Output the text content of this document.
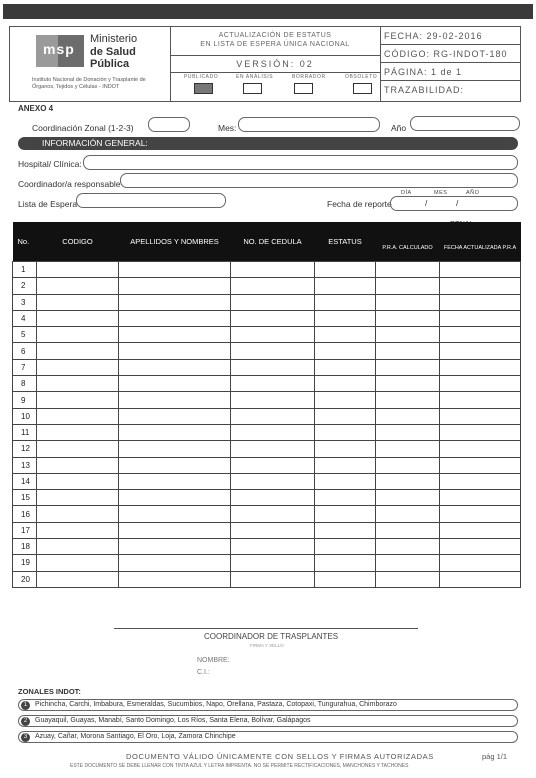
msp
Ministerio
de Salud Pública
Instituto Nacional de Donación y Trasplante de Órganos, Tejidos y Células - INDOT
ACTUALIZACIÓN DE ESTATUS
EN LISTA DE ESPERA ÚNICA NACIONAL
VERSIÓN: 02
PUBLICADO	EN ANÁLISIS	BORRADOR	OBSOLETO
FECHA: 29-02-2016
CÓDIGO: RG-INDOT-180
PÁGINA: 1 de 1
TRAZABILIDAD:
ANEXO 4
Coordinación Zonal (1-2-3)	Mes:	Año
INFORMACIÓN GENERAL:
Hospital/ Clínica:
Coordinador/a responsable
Lista de Espera	Fecha de reporte
DÍA	MES	AÑO
/	/
No.	CODIGO	APELLIDOS Y NOMBRES	NO. DE CEDULA	ESTATUS	P.R.A. CALCULADO	FECHA ACTUALIZADA P.R.A
1						
2						
3						
4						
5						
6						
7						
8						
9						
10						
11						
12						
13						
14						
15						
16						
17						
18						
19						
20						
COORDINADOR DE TRASPLANTES
FIRMA Y SELLO
NOMBRE:
C.I.:
ZONALES INDOT:
1	Pichincha, Carchi, Imbabura, Esmeraldas, Sucumbios, Napo, Orellana, Pastaza, Cotopaxi, Tungurahua, Chimborazo
2	Guayaquil, Guayas, Manabí, Santo Domingo, Los Ríos, Santa Elena, Bolívar, Galápagos
3	Azuay, Cañar, Morona Santiago, El Oro, Loja, Zamora Chinchipe
DOCUMENTO VÁLIDO ÚNICAMENTE CON SELLOS Y FIRMAS AUTORIZADAS	pág 1/1
ESTE DOCUMENTO SE DEBE LLENAR CON TINTA AZUL Y LETRA IMPRENTA. NO SE PERMITE RECTIFICACIONES, MANCHONES Y TACHONES
